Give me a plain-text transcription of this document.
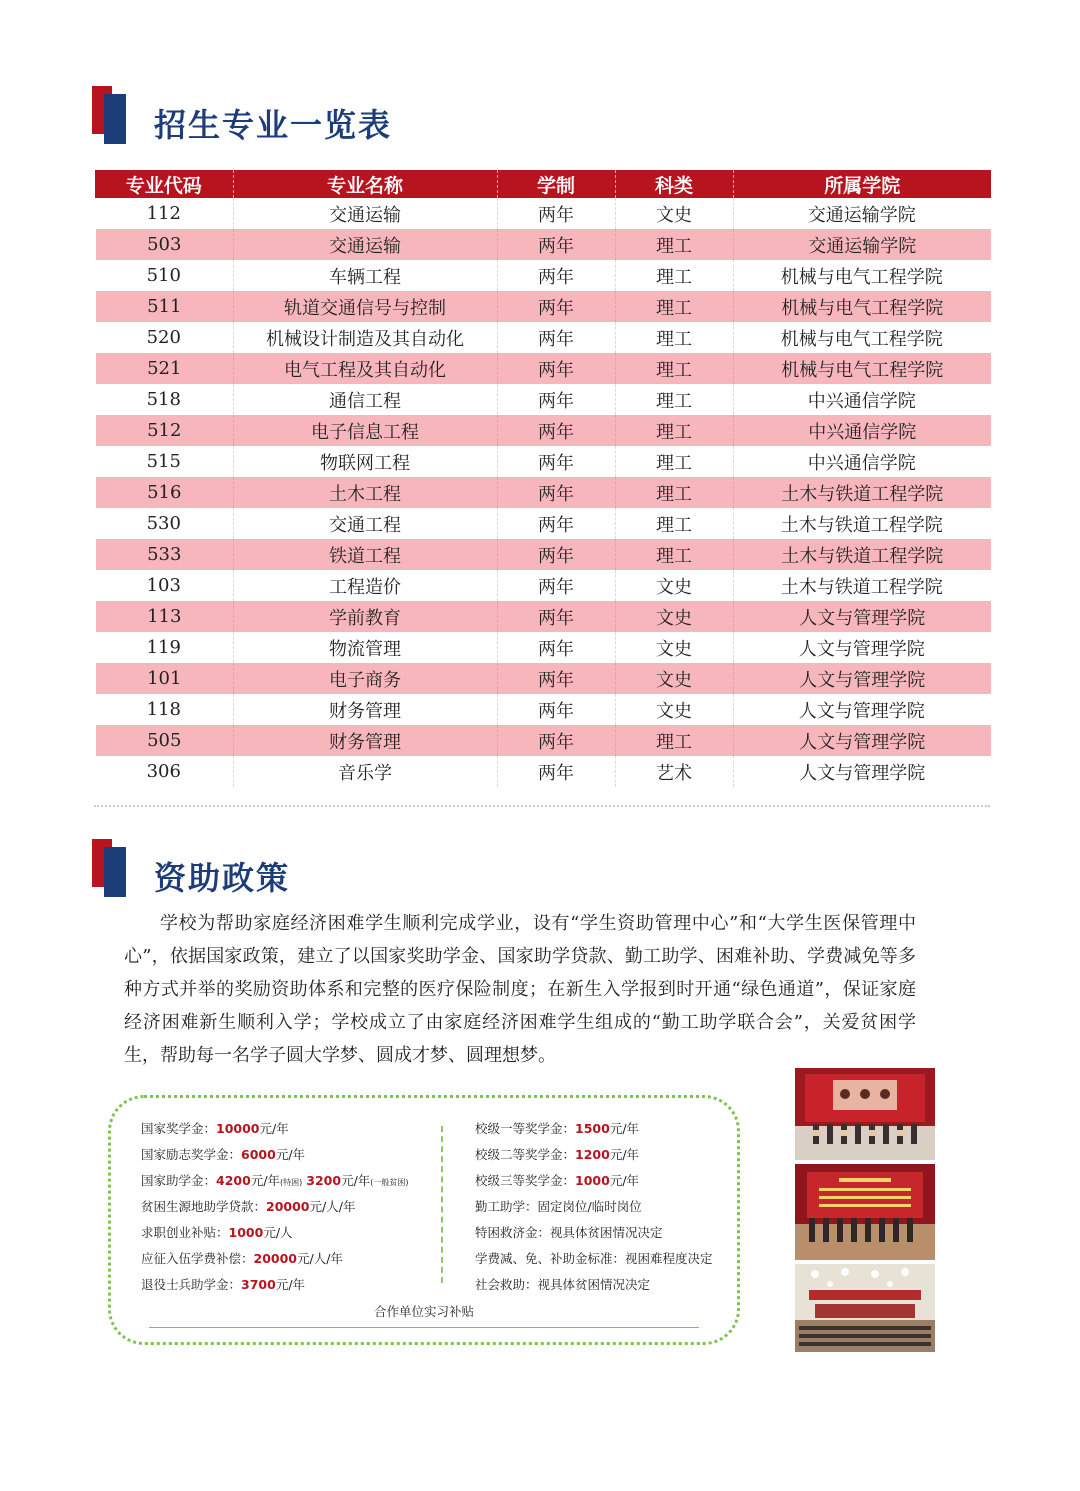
招生专业一览表
专业代码	专业名称	学制	科类	所属学院
112	交通运输	两年	文史	交通运输学院
503	交通运输	两年	理工	交通运输学院
510	车辆工程	两年	理工	机械与电气工程学院
511	轨道交通信号与控制	两年	理工	机械与电气工程学院
520	机械设计制造及其自动化	两年	理工	机械与电气工程学院
521	电气工程及其自动化	两年	理工	机械与电气工程学院
518	通信工程	两年	理工	中兴通信学院
512	电子信息工程	两年	理工	中兴通信学院
515	物联网工程	两年	理工	中兴通信学院
516	土木工程	两年	理工	土木与铁道工程学院
530	交通工程	两年	理工	土木与铁道工程学院
533	铁道工程	两年	理工	土木与铁道工程学院
103	工程造价	两年	文史	土木与铁道工程学院
113	学前教育	两年	文史	人文与管理学院
119	物流管理	两年	文史	人文与管理学院
101	电子商务	两年	文史	人文与管理学院
118	财务管理	两年	文史	人文与管理学院
505	财务管理	两年	理工	人文与管理学院
306	音乐学	两年	艺术	人文与管理学院
资助政策

学校为帮助家庭经济困难学生顺利完成学业，设有“学生资助管理中心”和“大学生医保管理中心”，依据国家政策，建立了以国家奖助学金、国家助学贷款、勤工助学、困难补助、学费减免等多种方式并举的奖励资助体系和完整的医疗保险制度；在新生入学报到时开通“绿色通道”，保证家庭经济困难新生顺利入学；学校成立了由家庭经济困难学生组成的“勤工助学联合会”，关爱贫困学生，帮助每一名学子圆大学梦、圆成才梦、圆理想梦。

国家奖学金：10000元/年
国家励志奖学金：6000元/年
国家助学金：4200元/年(特困) 3200元/年(一般贫困)
贫困生源地助学贷款：20000元/人/年
求职创业补贴：1000元/人
应征入伍学费补偿：20000元/人/年
退役士兵助学金：3700元/年
校级一等奖学金：1500元/年
校级二等奖学金：1200元/年
校级三等奖学金：1000元/年
勤工助学：固定岗位/临时岗位
特困救济金：视具体贫困情况决定
学费减、免、补助金标准：视困难程度决定
社会救助：视具体贫困情况决定
合作单位实习补贴
